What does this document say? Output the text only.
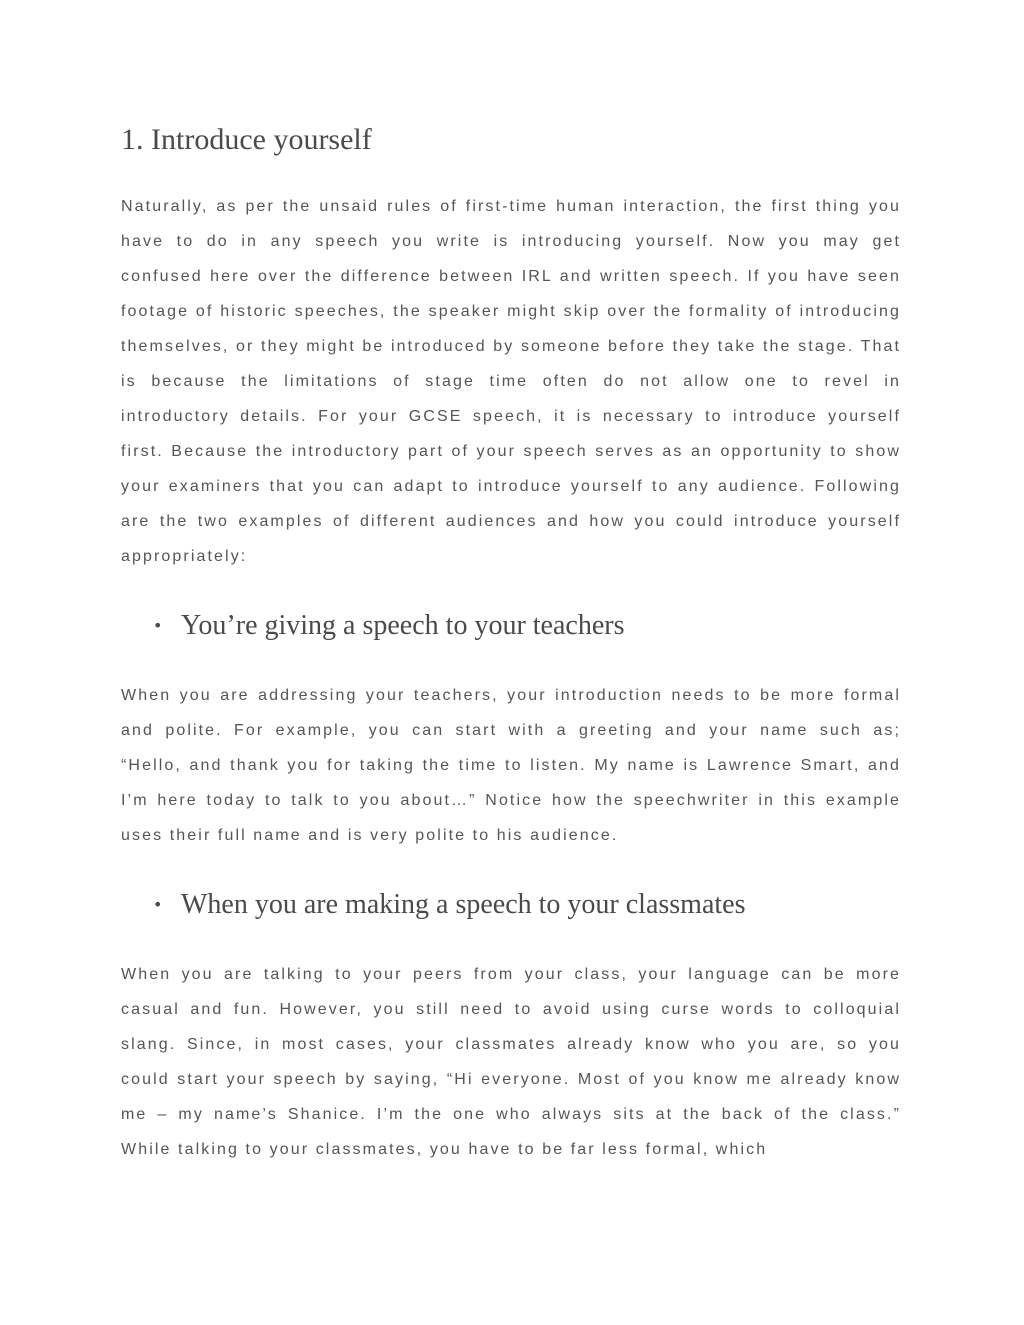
1. Introduce yourself

Naturally, as per the unsaid rules of first-time human interaction, the first thing you have to do in any speech you write is introducing yourself. Now you may get confused here over the difference between IRL and written speech. If you have seen footage of historic speeches, the speaker might skip over the formality of introducing themselves, or they might be introduced by someone before they take the stage. That is because the limitations of stage time often do not allow one to revel in introductory details. For your GCSE speech, it is necessary to introduce yourself first. Because the introductory part of your speech serves as an opportunity to show your examiners that you can adapt to introduce yourself to any audience. Following are the two examples of different audiences and how you could introduce yourself appropriately:

• You’re giving a speech to your teachers

When you are addressing your teachers, your introduction needs to be more formal and polite. For example, you can start with a greeting and your name such as; “Hello, and thank you for taking the time to listen. My name is Lawrence Smart, and I’m here today to talk to you about…” Notice how the speechwriter in this example uses their full name and is very polite to his audience.

• When you are making a speech to your classmates

When you are talking to your peers from your class, your language can be more casual and fun. However, you still need to avoid using curse words to colloquial slang. Since, in most cases, your classmates already know who you are, so you could start your speech by saying, “Hi everyone. Most of you know me already know me – my name’s Shanice. I’m the one who always sits at the back of the class.” While talking to your classmates, you have to be far less formal, which
